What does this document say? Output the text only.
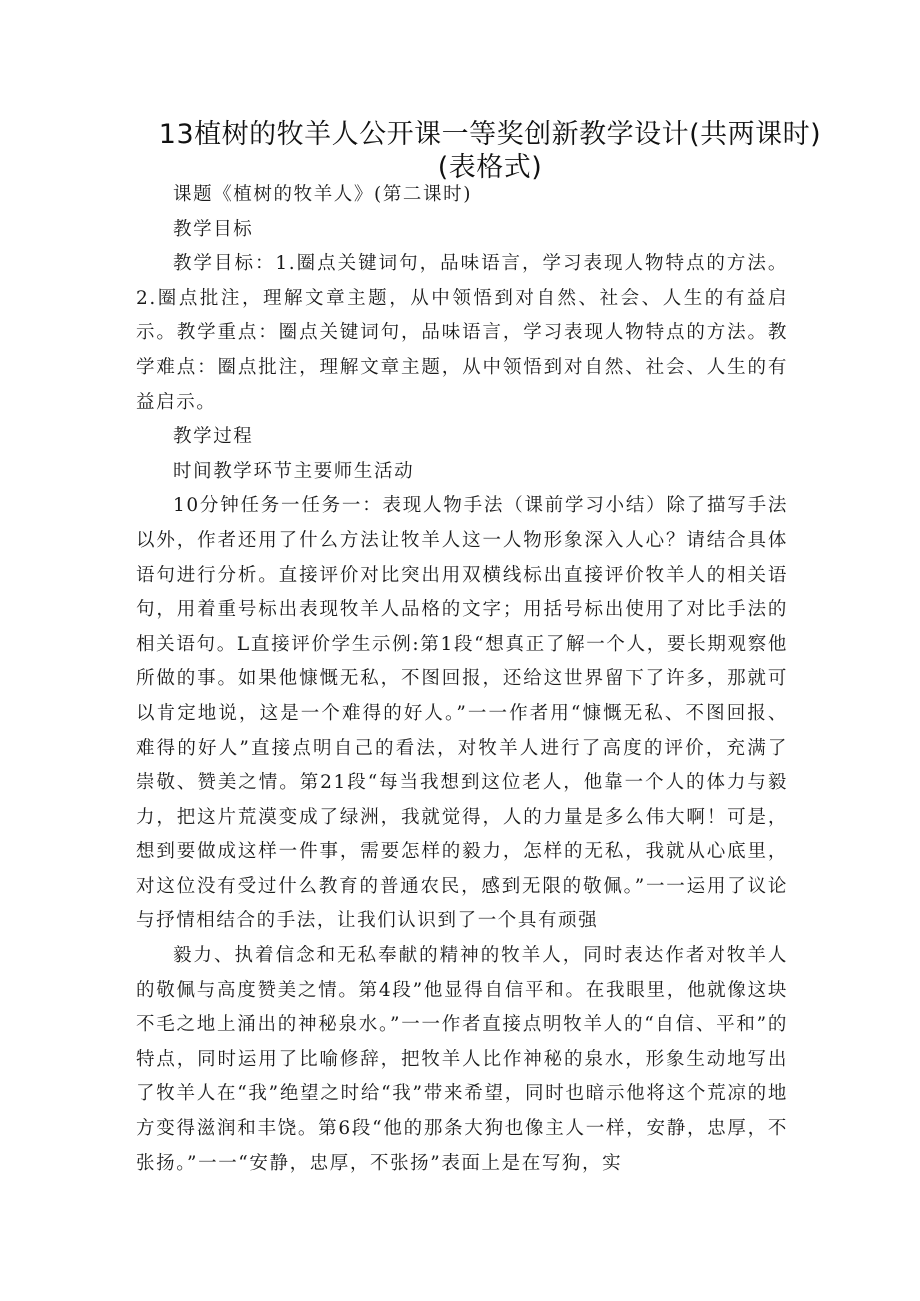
13植树的牧羊人公开课一等奖创新教学设计(共两课时)
(表格式)

课题《植树的牧羊人》(第二课时)

教学目标

教学目标：1.圈点关键词句，品味语言，学习表现人物特点的方法。2.圈点批注，理解文章主题，从中领悟到对自然、社会、人生的有益启示。教学重点：圈点关键词句，品味语言，学习表现人物特点的方法。教学难点：圈点批注，理解文章主题，从中领悟到对自然、社会、人生的有益启示。

教学过程

时间教学环节主要师生活动

10分钟任务一任务一：表现人物手法（课前学习小结）除了描写手法以外，作者还用了什么方法让牧羊人这一人物形象深入人心？请结合具体语句进行分析。直接评价对比突出用双横线标出直接评价牧羊人的相关语句，用着重号标出表现牧羊人品格的文字；用括号标出使用了对比手法的相关语句。L直接评价学生示例:第1段“想真正了解一个人，要长期观察他所做的事。如果他慷慨无私，不图回报，还给这世界留下了许多，那就可以肯定地说，这是一个难得的好人。”一一作者用“慷慨无私、不图回报、难得的好人”直接点明自己的看法，对牧羊人进行了高度的评价，充满了崇敬、赞美之情。第21段“每当我想到这位老人，他靠一个人的体力与毅力，把这片荒漠变成了绿洲，我就觉得，人的力量是多么伟大啊！可是，想到要做成这样一件事，需要怎样的毅力，怎样的无私，我就从心底里，对这位没有受过什么教育的普通农民，感到无限的敬佩。”一一运用了议论与抒情相结合的手法，让我们认识到了一个具有顽强

毅力、执着信念和无私奉献的精神的牧羊人，同时表达作者对牧羊人的敬佩与高度赞美之情。第4段”他显得自信平和。在我眼里，他就像这块不毛之地上涌出的神秘泉水。”一一作者直接点明牧羊人的“自信、平和”的特点，同时运用了比喻修辞，把牧羊人比作神秘的泉水，形象生动地写出了牧羊人在“我”绝望之时给“我”带来希望，同时也暗示他将这个荒凉的地方变得滋润和丰饶。第6段“他的那条大狗也像主人一样，安静，忠厚，不张扬。”一一“安静，忠厚，不张扬”表面上是在写狗，实
